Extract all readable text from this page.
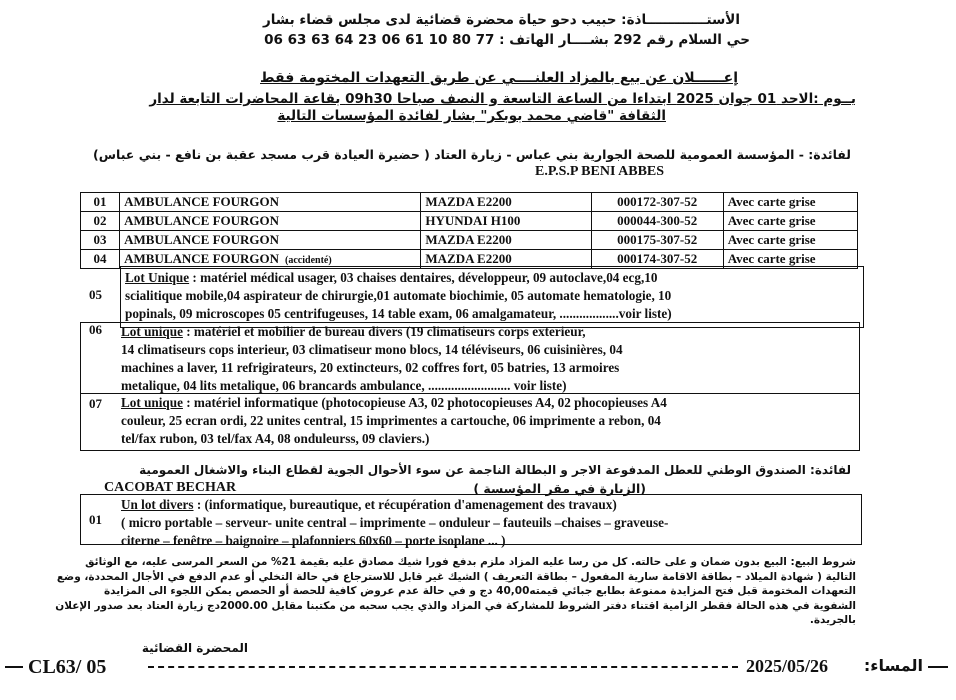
الأستـــــــــــــاذة: حبيب دحو حياة محضرة قضائية لدى مجلس قضاء بشار
حي السلام رقم 292 بشــــار الهاتف : 77 80 10 61 06 23 64 63 63 06
إعــــــلان عن بيع بالمزاد العلنــــي عن طريق التعهدات المختومة فقط
يــوم :الاحد 01 جوان 2025 ابتداءا من الساعة التاسعة و النصف صباحا 09h30 بقاعة المحاضرات التابعة لدار
الثقافة "قاضي محمد بوبكر" بشار لفائدة المؤسسات التالية
لفائدة: - المؤسسة العمومية للصحة الجوارية بني عباس - زيارة العتاد ( حضيرة العيادة قرب مسجد عقبة بن نافع - بني عباس)
E.P.S.P BENI ABBES
01	AMBULANCE FOURGON	MAZDA E2200	000172-307-52	Avec carte grise
02	AMBULANCE FOURGON	HYUNDAI H100	000044-300-52	Avec carte grise
03	AMBULANCE FOURGON	MAZDA E2200	000175-307-52	Avec carte grise
04	AMBULANCE FOURGON (accidenté)	MAZDA E2200	000174-307-52	Avec carte grise
05
Lot Unique : matériel médical usager, 03 chaises dentaires, développeur, 09 autoclave,04 ecg,10
scialitique mobile,04 aspirateur de chirurgie,01 automate biochimie, 05 automate hematologie, 10
popinals, 09 microscopes 05 centrifugeuses, 14 table exam, 06 amalgamateur, ..................voir liste)
06 Lot unique : matériel et mobilier de bureau divers (19 climatiseurs corps exterieur,
14 climatiseurs cops interieur, 03 climatiseur mono blocs, 14 téléviseurs, 06 cuisinières, 04
machines a laver, 11 refrigirateurs, 20 extincteurs, 02 coffres fort, 05 batries, 13 armoires
metalique, 04 lits metalique, 06 brancards ambulance, ......................... voir liste)
07 Lot unique : matériel informatique (photocopieuse A3, 02 photocopieuses A4, 02 phocopieuses A4
couleur, 25 ecran ordi, 22 unites central, 15 imprimentes a cartouche, 06 imprimente a rebon, 04
tel/fax rubon, 03 tel/fax A4, 08 onduleurss, 09 claviers.)
لفائدة: الصندوق الوطني للعطل المدفوعة الاجر و البطالة الناجمة عن سوء الأحوال الجوية لقطاع البناء والاشغال العمومية
CACOBAT BECHAR	(الزيارة في مقر المؤسسة )
01
Un lot divers : (informatique, bureautique, et récupération d'amenagement des travaux)
( micro portable – serveur- unite central – imprimente – onduleur – fauteuils –chaises – graveuse-
citerne – fenêtre – baignoire – plafonniers 60x60 – porte isoplane ... )
شروط البيع: البيع بدون ضمان و على حالته. كل من رسا عليه المزاد ملزم بدفع فورا شيك مصادق عليه بقيمة 21% من السعر المرسى عليه، مع الوثائق
التالية ( شهادة الميلاد – بطاقة الاقامة سارية المفعول – بطاقة التعريف ) الشيك غير قابل للاسترجاع في حالة التخلي أو عدم الدفع في الأجال المحددة، وضع
التعهدات المختومة قبل فتح المزايدة ممنوعة بطابع جبائي قيمته40,00 دج و في حالة عدم عروض كافية للحصة أو الحصص يمكن اللجوء الى المزايدة
الشفوية في هذه الحالة فقطر الزامية اقتناء دفتر الشروط للمشاركة في المزاد والذي يجب سحبه من مكتبنا مقابل 2000.00دج زيارة العتاد بعد صدور الإعلان
بالجريدة.
المحضرة القضائية
CL63/ 05	2025/05/26 المساء:
